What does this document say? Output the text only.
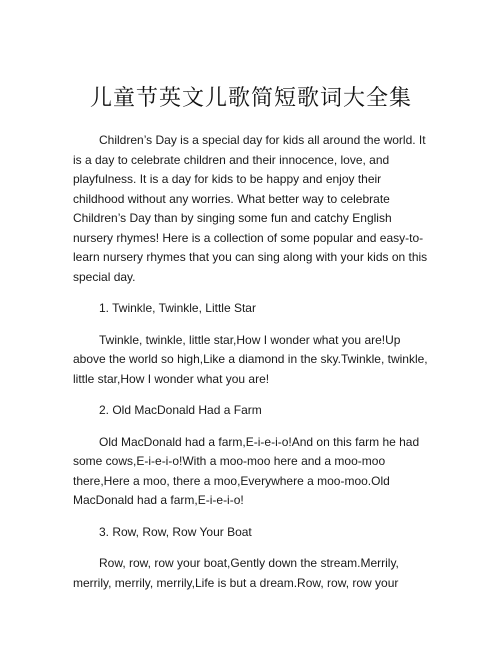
儿童节英文儿歌简短歌词大全集

Children’s Day is a special day for kids all around the world. It is a day to celebrate children and their innocence, love, and playfulness. It is a day for kids to be happy and enjoy their childhood without any worries. What better way to celebrate Children’s Day than by singing some fun and catchy English nursery rhymes! Here is a collection of some popular and easy-to-learn nursery rhymes that you can sing along with your kids on this special day.

1. Twinkle, Twinkle, Little Star

Twinkle, twinkle, little star,How I wonder what you are!Up above the world so high,Like a diamond in the sky.Twinkle, twinkle, little star,How I wonder what you are!

2. Old MacDonald Had a Farm

Old MacDonald had a farm,E-i-e-i-o!And on this farm he had some cows,E-i-e-i-o!With a moo-moo here and a moo-moo there,Here a moo, there a moo,Everywhere a moo-moo.Old MacDonald had a farm,E-i-e-i-o!

3. Row, Row, Row Your Boat

Row, row, row your boat,Gently down the stream.Merrily, merrily, merrily, merrily,Life is but a dream.Row, row, row your
